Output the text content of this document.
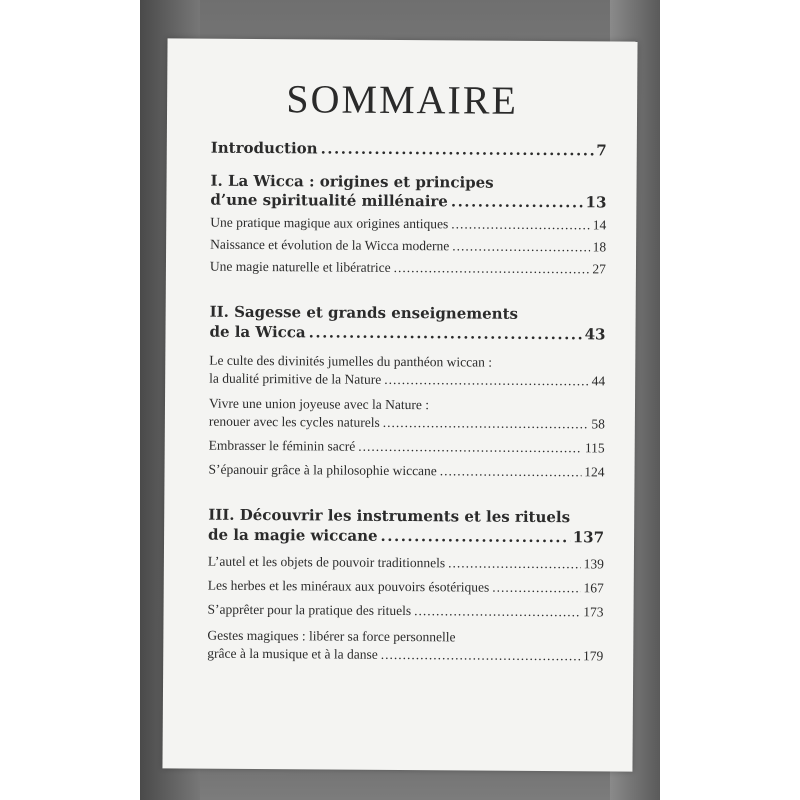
SOMMAIRE
Introduction .....	7
I. La Wicca : origines et principes
d’une spiritualité millénaire .....	13
Une pratique magique aux origines antiques .....	14
Naissance et évolution de la Wicca moderne .....	18
Une magie naturelle et libératrice .....	27
II. Sagesse et grands enseignements
de la Wicca .....	43
Le culte des divinités jumelles du panthéon wiccan :
la dualité primitive de la Nature .....	44
Vivre une union joyeuse avec la Nature :
renouer avec les cycles naturels .....	58
Embrasser le féminin sacré .....	115
S’épanouir grâce à la philosophie wiccane .....	124
III. Découvrir les instruments et les rituels
de la magie wiccane .....	137
L’autel et les objets de pouvoir traditionnels .....	139
Les herbes et les minéraux aux pouvoirs ésotériques .....	167
S’apprêter pour la pratique des rituels .....	173
Gestes magiques : libérer sa force personnelle
grâce à la musique et à la danse .....	179
